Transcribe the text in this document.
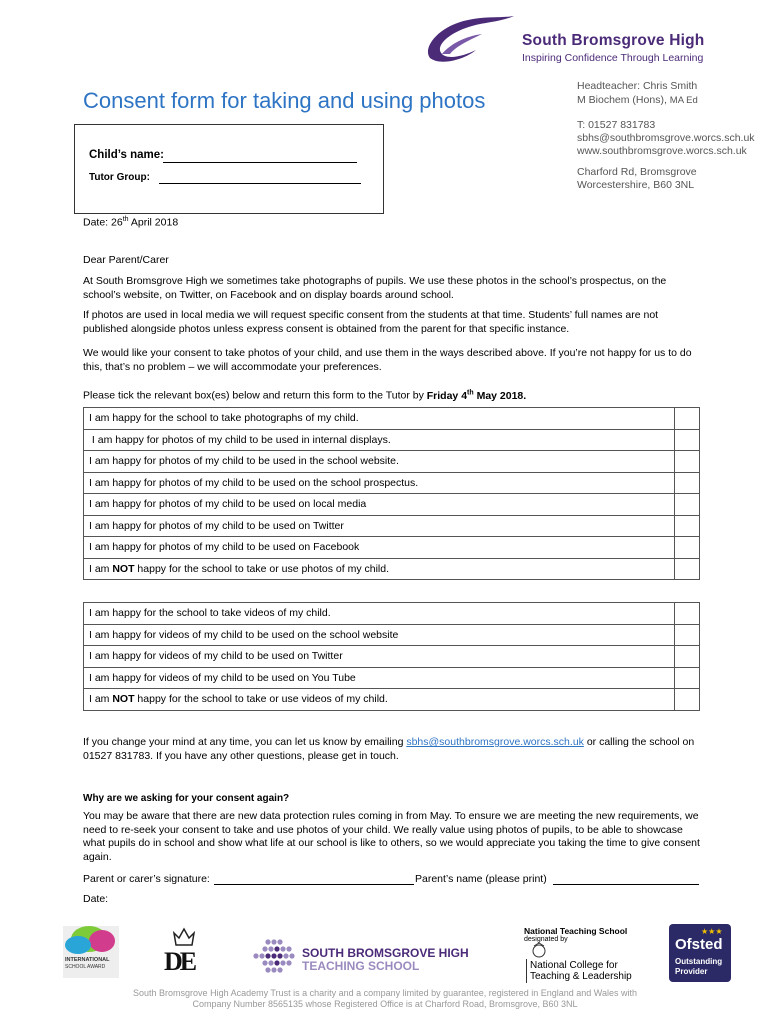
South Bromsgrove High
Inspiring Confidence Through Learning
Headteacher: Chris Smith
M Biochem (Hons), MA Ed
T: 01527 831783
sbhs@southbromsgrove.worcs.sch.uk
www.southbromsgrove.worcs.sch.uk
Charford Rd, Bromsgrove
Worcestershire, B60 3NL
Consent form for taking and using photos
Child’s name:
Tutor Group:
Date: 26th April 2018
Dear Parent/Carer
At South Bromsgrove High we sometimes take photographs of pupils. We use these photos in the school’s prospectus, on the school’s website, on Twitter, on Facebook and on display boards around school.
If photos are used in local media we will request specific consent from the students at that time. Students’ full names are not published alongside photos unless express consent is obtained from the parent for that specific instance.
We would like your consent to take photos of your child, and use them in the ways described above. If you’re not happy for us to do this, that’s no problem – we will accommodate your preferences.
Please tick the relevant box(es) below and return this form to the Tutor by Friday 4th May 2018.
I am happy for the school to take photographs of my child.	
I am happy for photos of my child to be used in internal displays.	
I am happy for photos of my child to be used in the school website.	
I am happy for photos of my child to be used on the school prospectus.	
I am happy for photos of my child to be used on local media	
I am happy for photos of my child to be used on Twitter	
I am happy for photos of my child to be used on Facebook	
I am NOT happy for the school to take or use photos of my child.	
I am happy for the school to take videos of my child.	
I am happy for videos of my child to be used on the school website	
I am happy for videos of my child to be used on Twitter	
I am happy for videos of my child to be used on You Tube	
I am NOT happy for the school to take or use videos of my child.	
If you change your mind at any time, you can let us know by emailing sbhs@southbromsgrove.worcs.sch.uk or calling the school on 01527 831783. If you have any other questions, please get in touch.
Why are we asking for your consent again?
You may be aware that there are new data protection rules coming in from May. To ensure we are meeting the new requirements, we need to re-seek your consent to take and use photos of your child. We really value using photos of pupils, to be able to showcase what pupils do in school and show what life at our school is like to others, so we would appreciate you taking the time to give consent again.
Parent or carer’s signature:	Parent’s name (please print)
Date:
INTERNATIONAL
SCHOOL AWARD DE	SOUTH BROMSGROVE HIGH
TEACHING SCHOOL
National Teaching School
designated by
National College for
Teaching & Leadership
★★★
Ofsted
Outstanding
Provider
South Bromsgrove High Academy Trust is a charity and a company limited by guarantee, registered in England and Wales with
Company Number 8565135 whose Registered Office is at Charford Road, Bromsgrove, B60 3NL
